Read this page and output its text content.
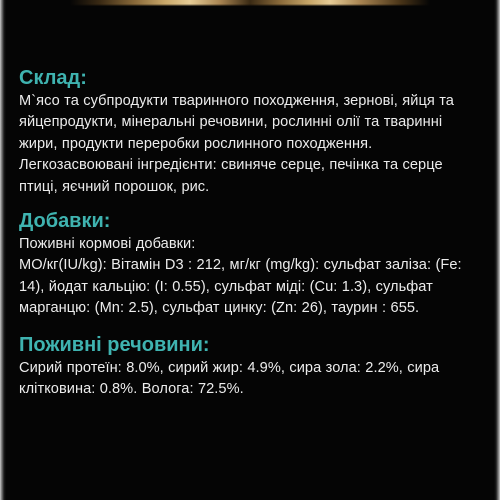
Склад:

М`ясо та субпродукти тваринного походження, зернові, яйця та яйцепродукти, мінеральні речовини, рослинні олії та тваринні жири, продукти переробки рослинного походження.

Легкозасвоювані інгредієнти: свиняче серце, печінка та серце птиці, яєчний порошок, рис.

Добавки:

Поживні кормові добавки:

МО/кг(IU/kg): Вітамін D3 : 212, мг/кг (mg/kg): сульфат заліза: (Fe: 14), йодат кальцію: (I: 0.55), сульфат міді: (Cu: 1.3), сульфат марганцю: (Mn: 2.5), сульфат цинку: (Zn: 26), таурин : 655.

Поживні речовини:

Сирий протеїн: 8.0%, сирий жир: 4.9%, сира зола: 2.2%, сира клітковина: 0.8%. Волога: 72.5%.
